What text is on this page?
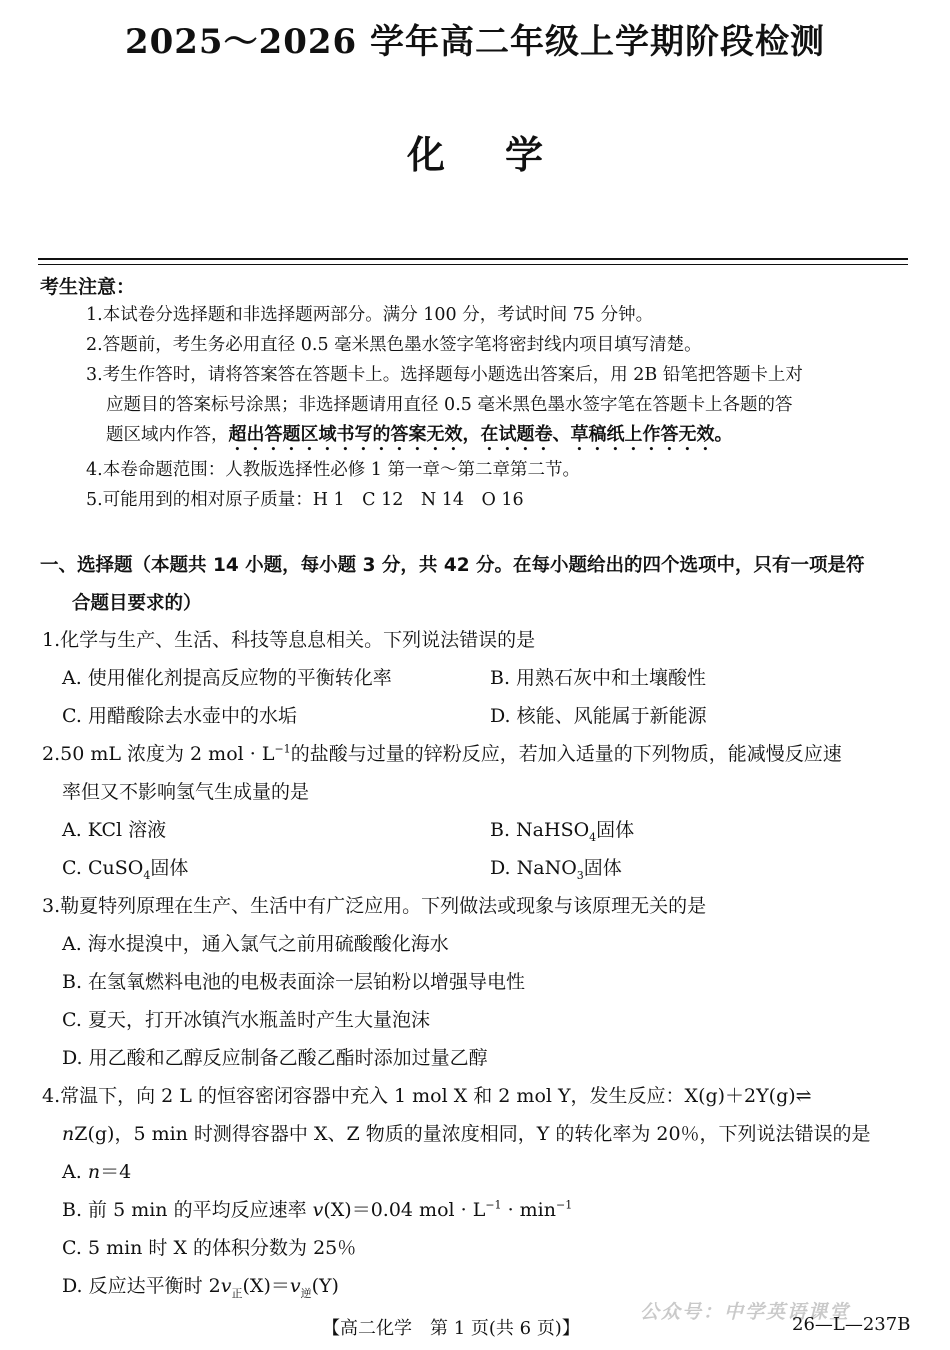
2025～2026 学年高二年级上学期阶段检测
化学
考生注意：
1.本试卷分选择题和非选择题两部分。满分 100 分，考试时间 75 分钟。
2.答题前，考生务必用直径 0.5 毫米黑色墨水签字笔将密封线内项目填写清楚。
3.考生作答时，请将答案答在答题卡上。选择题每小题选出答案后，用 2B 铅笔把答题卡上对
应题目的答案标号涂黑；非选择题请用直径 0.5 毫米黑色墨水签字笔在答题卡上各题的答
题区域内作答，超出答题区域书写的答案无效，在试题卷、草稿纸上作答无效。
4.本卷命题范围：人教版选择性必修 1 第一章～第二章第二节。
5.可能用到的相对原子质量：H 1　C 12　N 14　O 16
一、选择题（本题共 14 小题，每小题 3 分，共 42 分。在每小题给出的四个选项中，只有一项是符
合题目要求的）
1.化学与生产、生活、科技等息息相关。下列说法错误的是
A. 使用催化剂提高反应物的平衡转化率	B. 用熟石灰中和土壤酸性
C. 用醋酸除去水壶中的水垢	D. 核能、风能属于新能源
2.50 mL 浓度为 2 mol · $L^{-1}$的盐酸与过量的锌粉反应，若加入适量的下列物质，能减慢反应速
率但又不影响氢气生成量的是
A. KCl 溶液	B. NaHSO$_4$固体
C. CuSO$_4$固体	D. NaNO$_3$固体
3.勒夏特列原理在生产、生活中有广泛应用。下列做法或现象与该原理无关的是
A. 海水提溴中，通入氯气之前用硫酸酸化海水
B. 在氢氧燃料电池的电极表面涂一层铂粉以增强导电性
C. 夏天，打开冰镇汽水瓶盖时产生大量泡沫
D. 用乙酸和乙醇反应制备乙酸乙酯时添加过量乙醇
4.常温下，向 2 L 的恒容密闭容器中充入 1 mol X 和 2 mol Y，发生反应：X(g)＋2Y(g)⇌
nZ(g)，5 min 时测得容器中 X、Z 物质的量浓度相同，Y 的转化率为 20％，下列说法错误的是
A. n＝4
B. 前 5 min 的平均反应速率 v(X)＝0.04 mol · $L^{-1} \cdot \min^{-1}$
C. 5 min 时 X 的体积分数为 25％
D. 反应达平衡时 $2v_正(X)=v_逆(Y)$
公众号：中学英语课堂
【高二化学　第 1 页(共 6 页)】	26—L—237B
